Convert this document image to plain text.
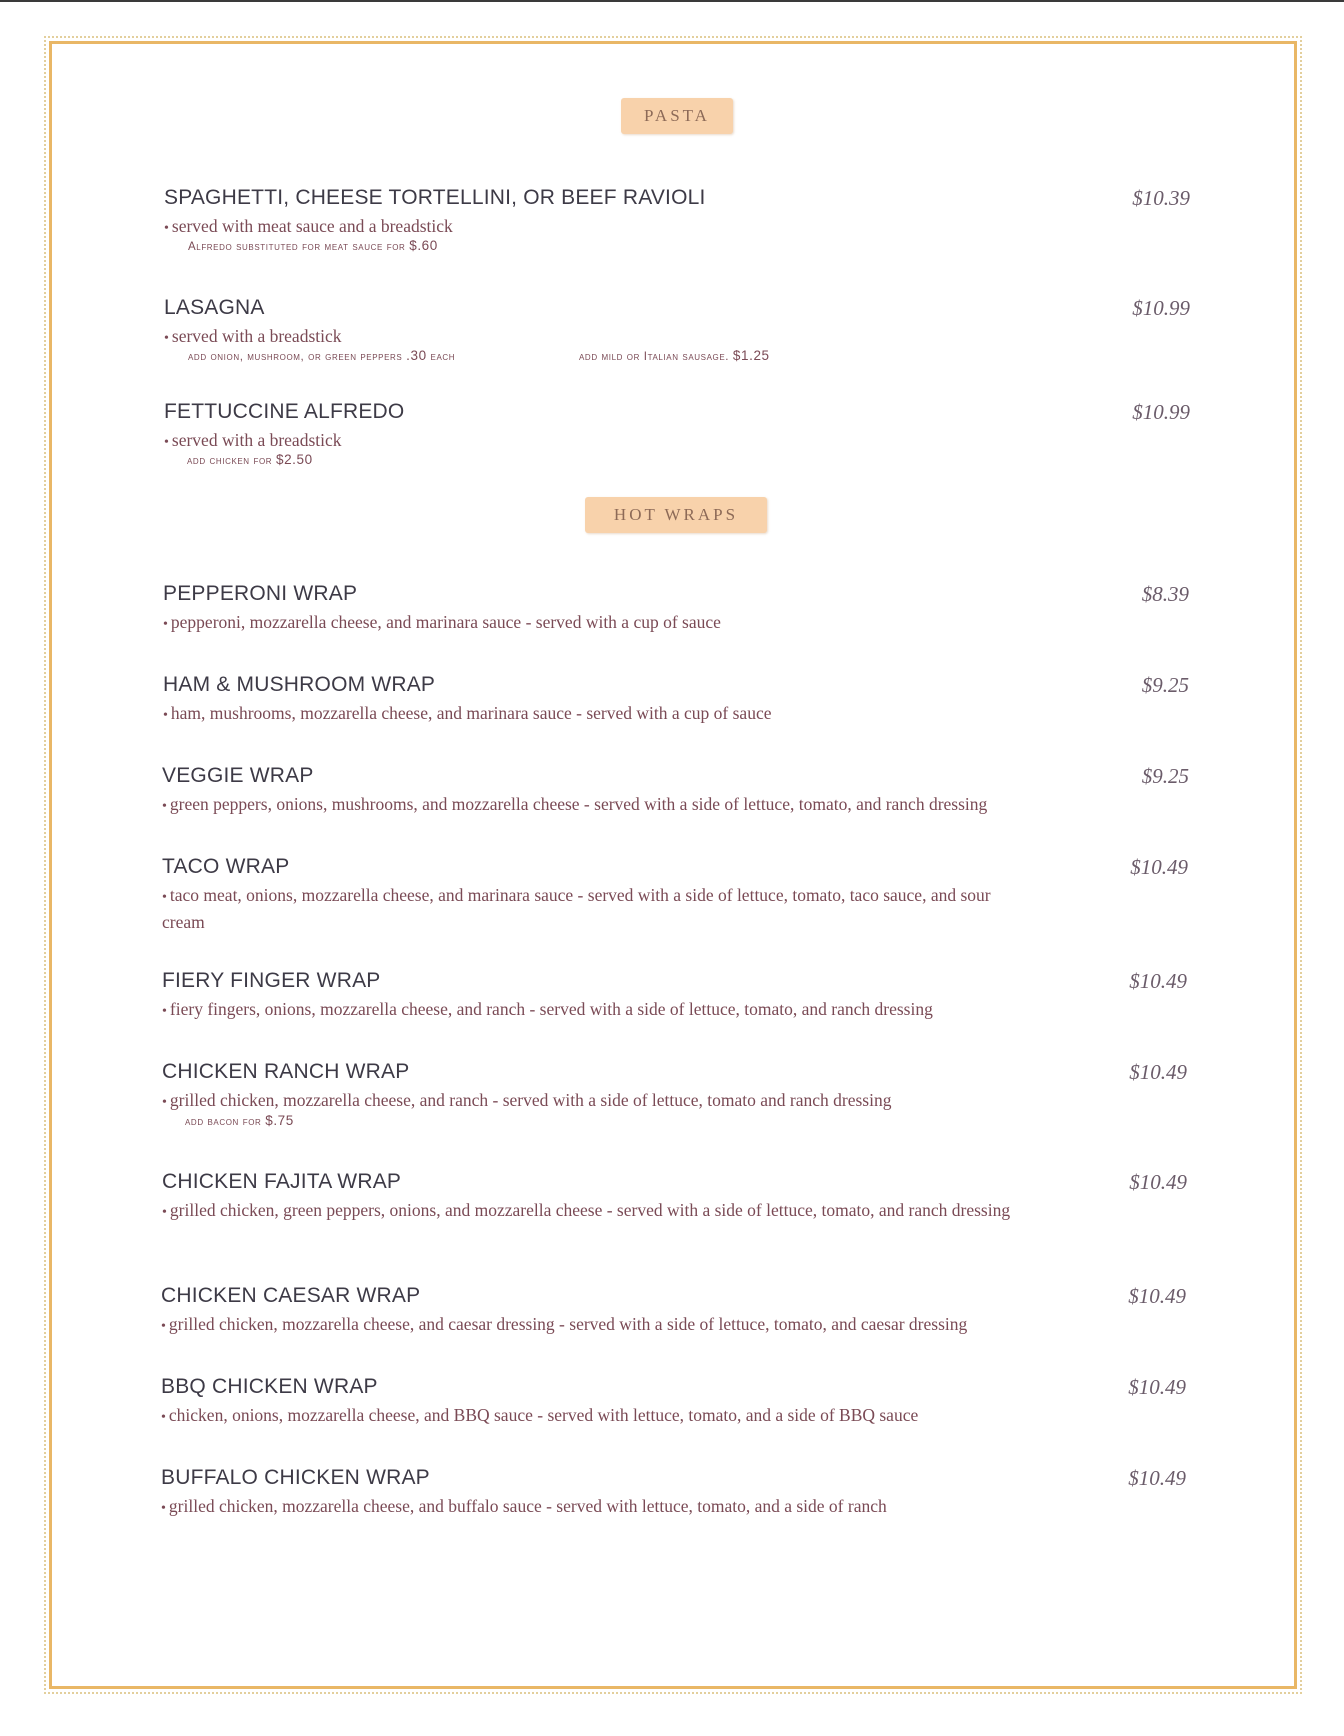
PASTA
SPAGHETTI, CHEESE TORTELLINI, OR BEEF RAVIOLI	$10.39
• served with meat sauce and a breadstick
Alfredo substituted for meat sauce for $.60
LASAGNA	$10.99
• served with a breadstick
add onion, mushroom, or green peppers .30 each	add mild or Italian sausage. $1.25
FETTUCCINE ALFREDO	$10.99
• served with a breadstick
add chicken for $2.50
HOT WRAPS
PEPPERONI WRAP	$8.39
• pepperoni, mozzarella cheese, and marinara sauce - served with a cup of sauce
HAM & MUSHROOM WRAP	$9.25
• ham, mushrooms, mozzarella cheese, and marinara sauce - served with a cup of sauce
VEGGIE WRAP	$9.25
• green peppers, onions, mushrooms, and mozzarella cheese - served with a side of lettuce, tomato, and ranch dressing
TACO WRAP	$10.49
• taco meat, onions, mozzarella cheese, and marinara sauce - served with a side of lettuce, tomato, taco sauce, and sour cream
FIERY FINGER WRAP	$10.49
• fiery fingers, onions, mozzarella cheese, and ranch - served with a side of lettuce, tomato, and ranch dressing
CHICKEN RANCH WRAP	$10.49
• grilled chicken, mozzarella cheese, and ranch - served with a side of lettuce, tomato and ranch dressing
add bacon for $.75
CHICKEN FAJITA WRAP	$10.49
• grilled chicken, green peppers, onions, and mozzarella cheese - served with a side of lettuce, tomato, and ranch dressing
CHICKEN CAESAR WRAP	$10.49
• grilled chicken, mozzarella cheese, and caesar dressing - served with a side of lettuce, tomato, and caesar dressing
BBQ CHICKEN WRAP	$10.49
• chicken, onions, mozzarella cheese, and BBQ sauce - served with lettuce, tomato, and a side of BBQ sauce
BUFFALO CHICKEN WRAP	$10.49
• grilled chicken, mozzarella cheese, and buffalo sauce - served with lettuce, tomato, and a side of ranch
